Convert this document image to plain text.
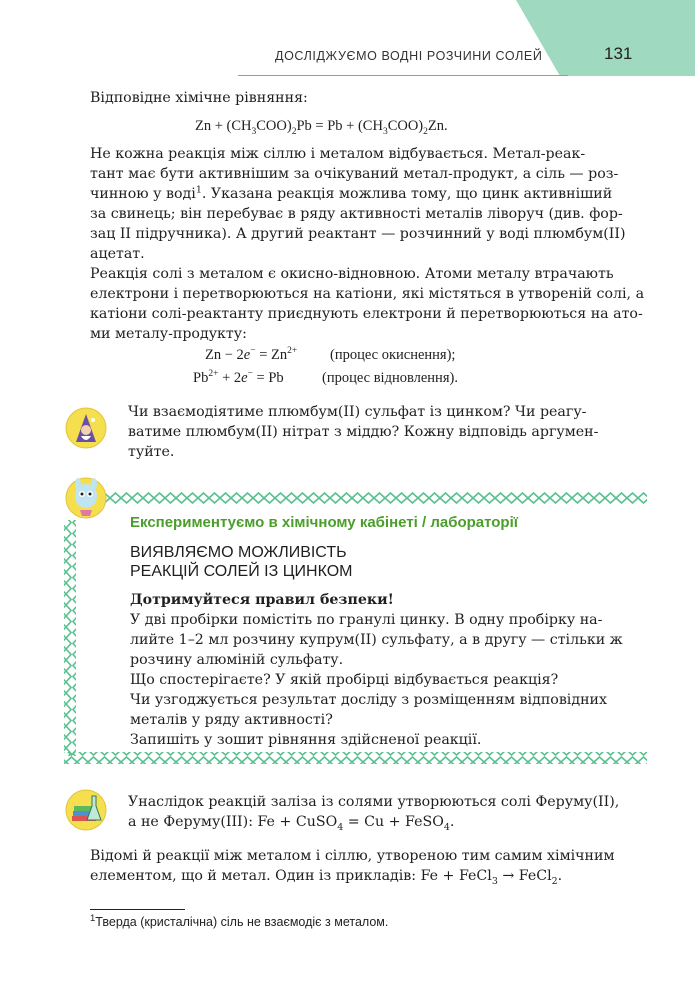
ДОСЛІДЖУЄМО ВОДНІ РОЗЧИНИ СОЛЕЙ	131
Відповідне хімічне рівняння:
$Zn + (CH_3COO)_2Pb = Pb + (CH_3COO)_2Zn$.
Не кожна реакція між сіллю і металом відбувається. Метал-реак-
тант має бути активнішим за очікуваний метал-продукт, а сіль — роз-
чинною у воді$^1$. Указана реакція можлива тому, що цинк активніший
за свинець; він перебуває в ряду активності металів ліворуч (див. фор-
зац II підручника). А другий реактант — розчинний у воді плюмбум(II)
ацетат.
Реакція солі з металом є окисно-відновною. Атоми металу втрачають
електрони і перетворюються на катіони, які містяться в утвореній солі, а
катіони солі-реактанту приєднують електрони й перетворюються на ато-
ми металу-продукту:
$Zn - 2e^- = Zn^{2+}$ (процес окиснення);
$Pb^{2+} + 2e^- = Pb$	(процес відновлення).
Чи взаємодіятиме плюмбум(II) сульфат із цинком? Чи реагу-
ватиме плюмбум(II) нітрат з міддю? Кожну відповідь аргумен-
туйте.
Експериментуємо в хімічному кабінеті / лабораторії
ВИЯВЛЯЄМО МОЖЛИВІСТЬ
РЕАКЦІЙ СОЛЕЙ ІЗ ЦИНКОМ
Дотримуйтеся правил безпеки!
У дві пробірки помістіть по гранулі цинку. В одну пробірку на-
лийте 1–2 мл розчину купрум(II) сульфату, а в другу — стільки ж
розчину алюміній сульфату.
Що спостерігаєте? У якій пробірці відбувається реакція?
Чи узгоджується результат досліду з розміщенням відповідних
металів у ряду активності?
Запишіть у зошит рівняння здійсненої реакції.
Унаслідок реакцій заліза із солями утворюються солі Феруму(II),
а не Феруму(III): Fe + CuSO$_4$ = Cu + FeSO$_4$.
Відомі й реакції між металом і сіллю, утвореною тим самим хімічним
елементом, що й метал. Один із прикладів: Fe + FeCl$_3$ → FeCl$_2$.
$^1$Тверда (кристалічна) сіль не взаємодіє з металом.
